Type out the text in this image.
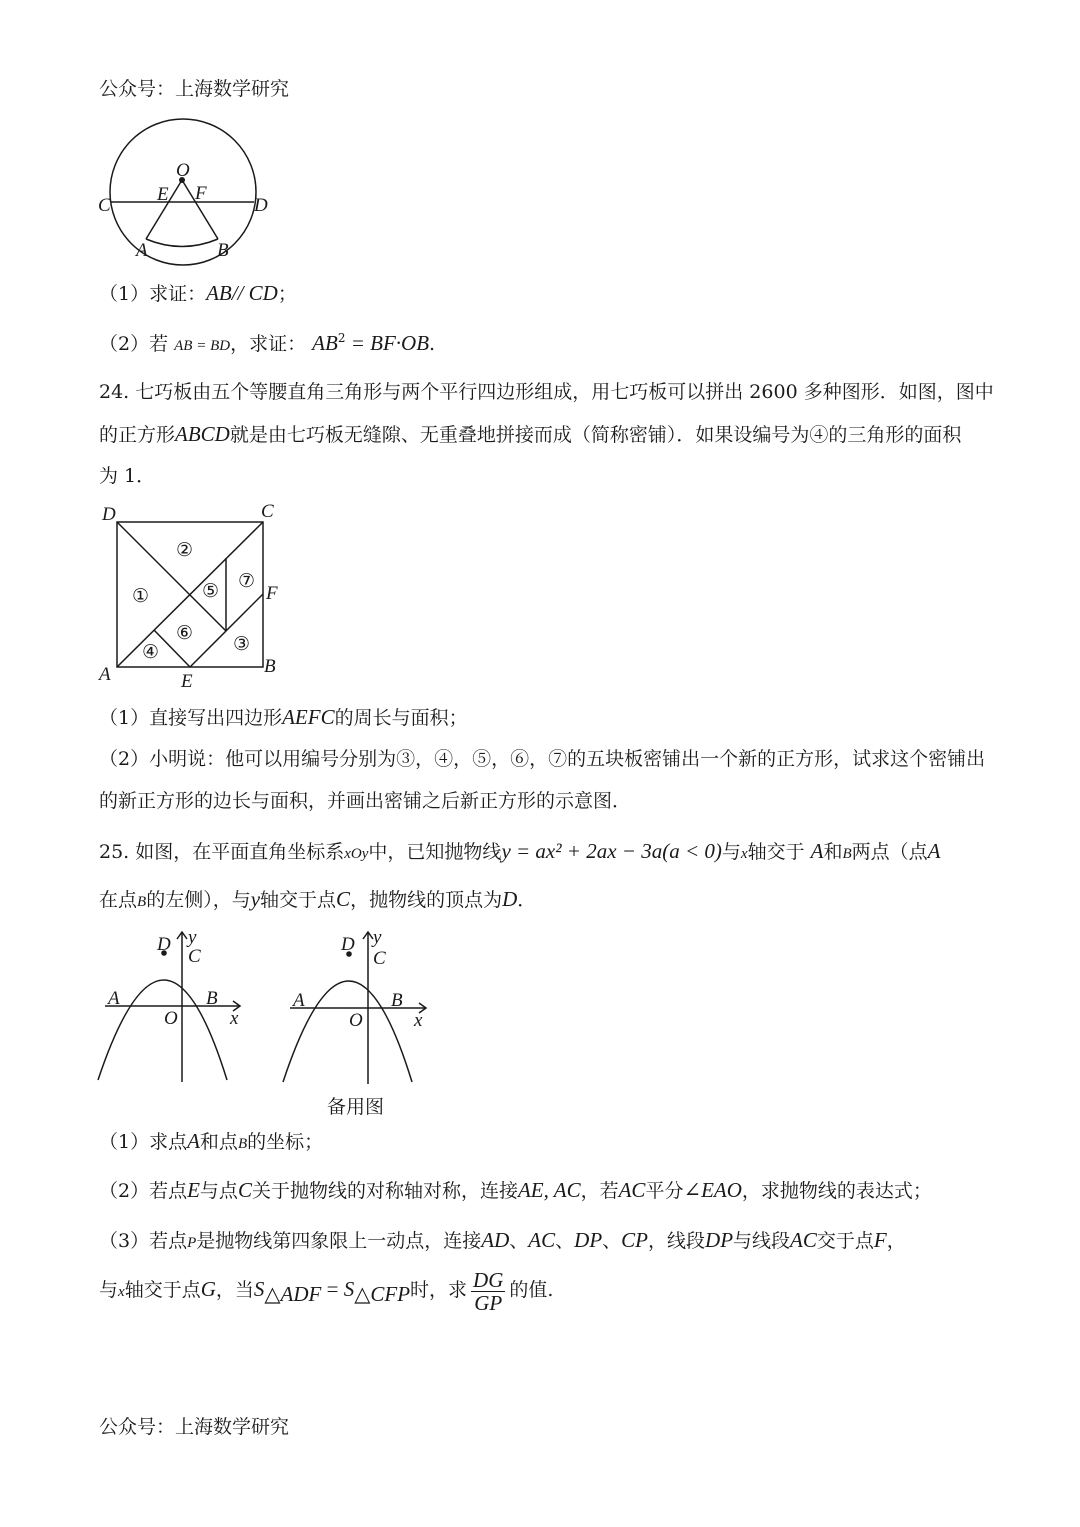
公众号：上海数学研究
O
E F
C	D
A	B
（1）求证：AB// CD；
（2）若 AB = BD，求证： $AB^2 = BF\cdot OB$.
24. 七巧板由五个等腰直角三角形与两个平行四边形组成，用七巧板可以拼出 2600 多种图形．如图，图中
的正方形ABCD就是由七巧板无缝隙、无重叠地拼接而成（简称密铺）．如果设编号为④的三角形的面积
为 1．
D	C
F
A	E
B
①
②
③
④
⑤
⑥
⑦
（1）直接写出四边形AEFC的周长与面积；
（2）小明说：他可以用编号分别为③，④，⑤，⑥，⑦的五块板密铺出一个新的正方形，试求这个密铺出
的新正方形的边长与面积，并画出密铺之后新正方形的示意图．
25. 如图，在平面直角坐标系xOy中，已知抛物线y = ax² + 2ax − 3a(a < 0)与x轴交于 A和B两点（点A
在点B的左侧），与y轴交于点C，抛物线的顶点为D．
D y
C
A	B
O	x
D y
C
A	B
O	x
备用图
（1）求点A和点B的坐标；
（2）若点E与点C关于抛物线的对称轴对称，连接AE, AC，若AC平分∠EAO，求抛物线的表达式；
（3）若点P是抛物线第四象限上一动点，连接AD、AC、DP、CP，线段DP与线段AC交于点F，
与x轴交于点G，当$S_{\triangle ADF} = S_{\triangle CFP}$时，求 $\frac{DG}{GP}$ 的值.
公众号：上海数学研究
